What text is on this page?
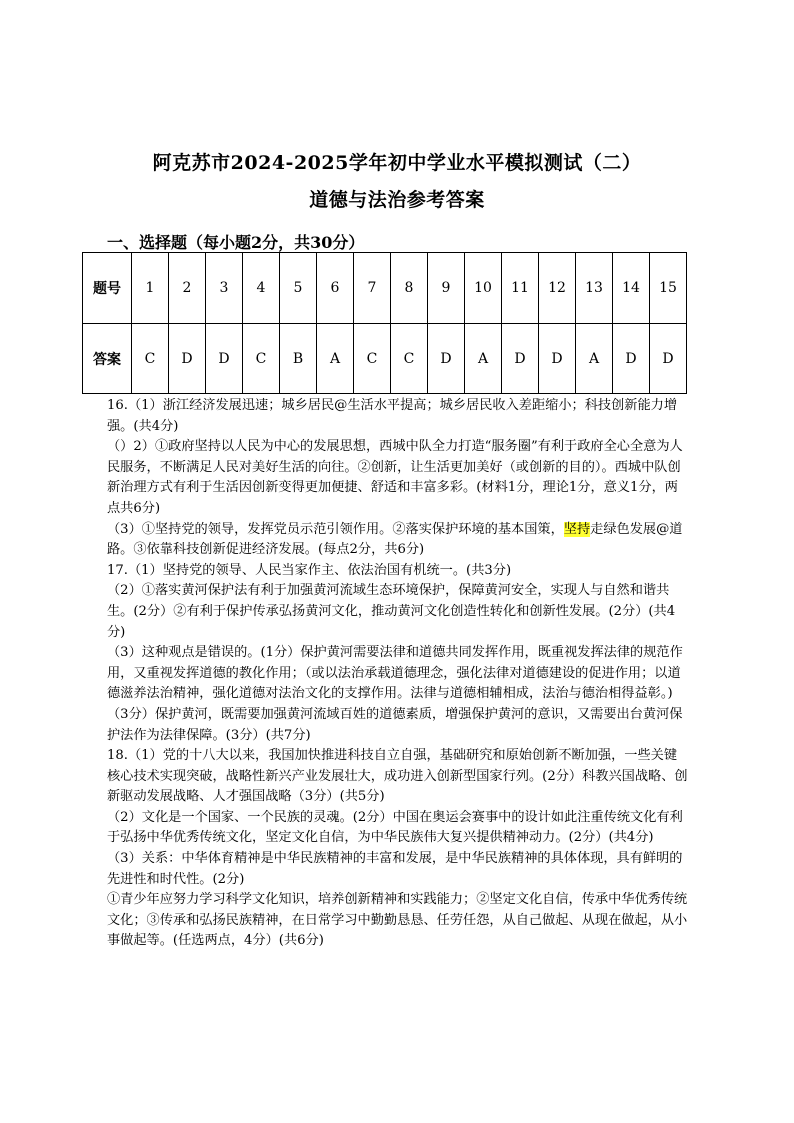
阿克苏市2024-2025学年初中学业水平模拟测试（二）
道德与法治参考答案
一、选择题（每小题2分，共30分）
题号	1	2	3	4	5	6	7	8	9	10	11	12	13	14	15
答案	C	D	D	C	B	A	C	C	D	A	D	D	A	D	D

16.（1）浙江经济发展迅速；城乡居民@生活水平提高；城乡居民收入差距缩小；科技创新能力增强。(共4分)

（）2）①政府坚持以人民为中心的发展思想，西城中队全力打造“服务圈”有利于政府全心全意为人民服务，不断满足人民对美好生活的向往。②创新，让生活更加美好（或创新的目的）。西城中队创新治理方式有利于生活因创新变得更加便捷、舒适和丰富多彩。(材料1分，理论1分，意义1分，两点共6分)

（3）①坚持党的领导，发挥党员示范引领作用。②落实保护环境的基本国策，坚持走绿色发展@道路。③依靠科技创新促进经济发展。(每点2分，共6分)

17.（1）坚持党的领导、人民当家作主、依法治国有机统一。(共3分)

（2）①落实黄河保护法有利于加强黄河流域生态环境保护，保障黄河安全，实现人与自然和谐共生。(2分）②有利于保护传承弘扬黄河文化，推动黄河文化创造性转化和创新性发展。(2分）(共4分)

（3）这种观点是错误的。(1分）保护黄河需要法律和道德共同发挥作用，既重视发挥法律的规范作用，又重视发挥道德的教化作用；（或以法治承载道德理念，强化法律对道德建设的促进作用；以道德滋养法治精神，强化道德对法治文化的支撑作用。法律与道德相辅相成，法治与德治相得益彰。)（3分）保护黄河，既需要加强黄河流域百姓的道德素质，增强保护黄河的意识，又需要出台黄河保护法作为法律保障。(3分）(共7分)

18.（1）党的十八大以来，我国加快推进科技自立自强，基础研究和原始创新不断加强，一些关键核心技术实现突破，战略性新兴产业发展壮大，成功进入创新型国家行列。(2分）科教兴国战略、创新驱动发展战略、人才强国战略（3分）(共5分)

（2）文化是一个国家、一个民族的灵魂。(2分）中国在奥运会赛事中的设计如此注重传统文化有利于弘扬中华优秀传统文化，坚定文化自信，为中华民族伟大复兴提供精神动力。(2分）(共4分)

（3）关系：中华体育精神是中华民族精神的丰富和发展，是中华民族精神的具体体现，具有鲜明的先进性和时代性。(2分)

①青少年应努力学习科学文化知识，培养创新精神和实践能力；②坚定文化自信，传承中华优秀传统文化；③传承和弘扬民族精神，在日常学习中勤勤恳恳、任劳任怨，从自己做起、从现在做起，从小事做起等。(任选两点，4分）(共6分)
